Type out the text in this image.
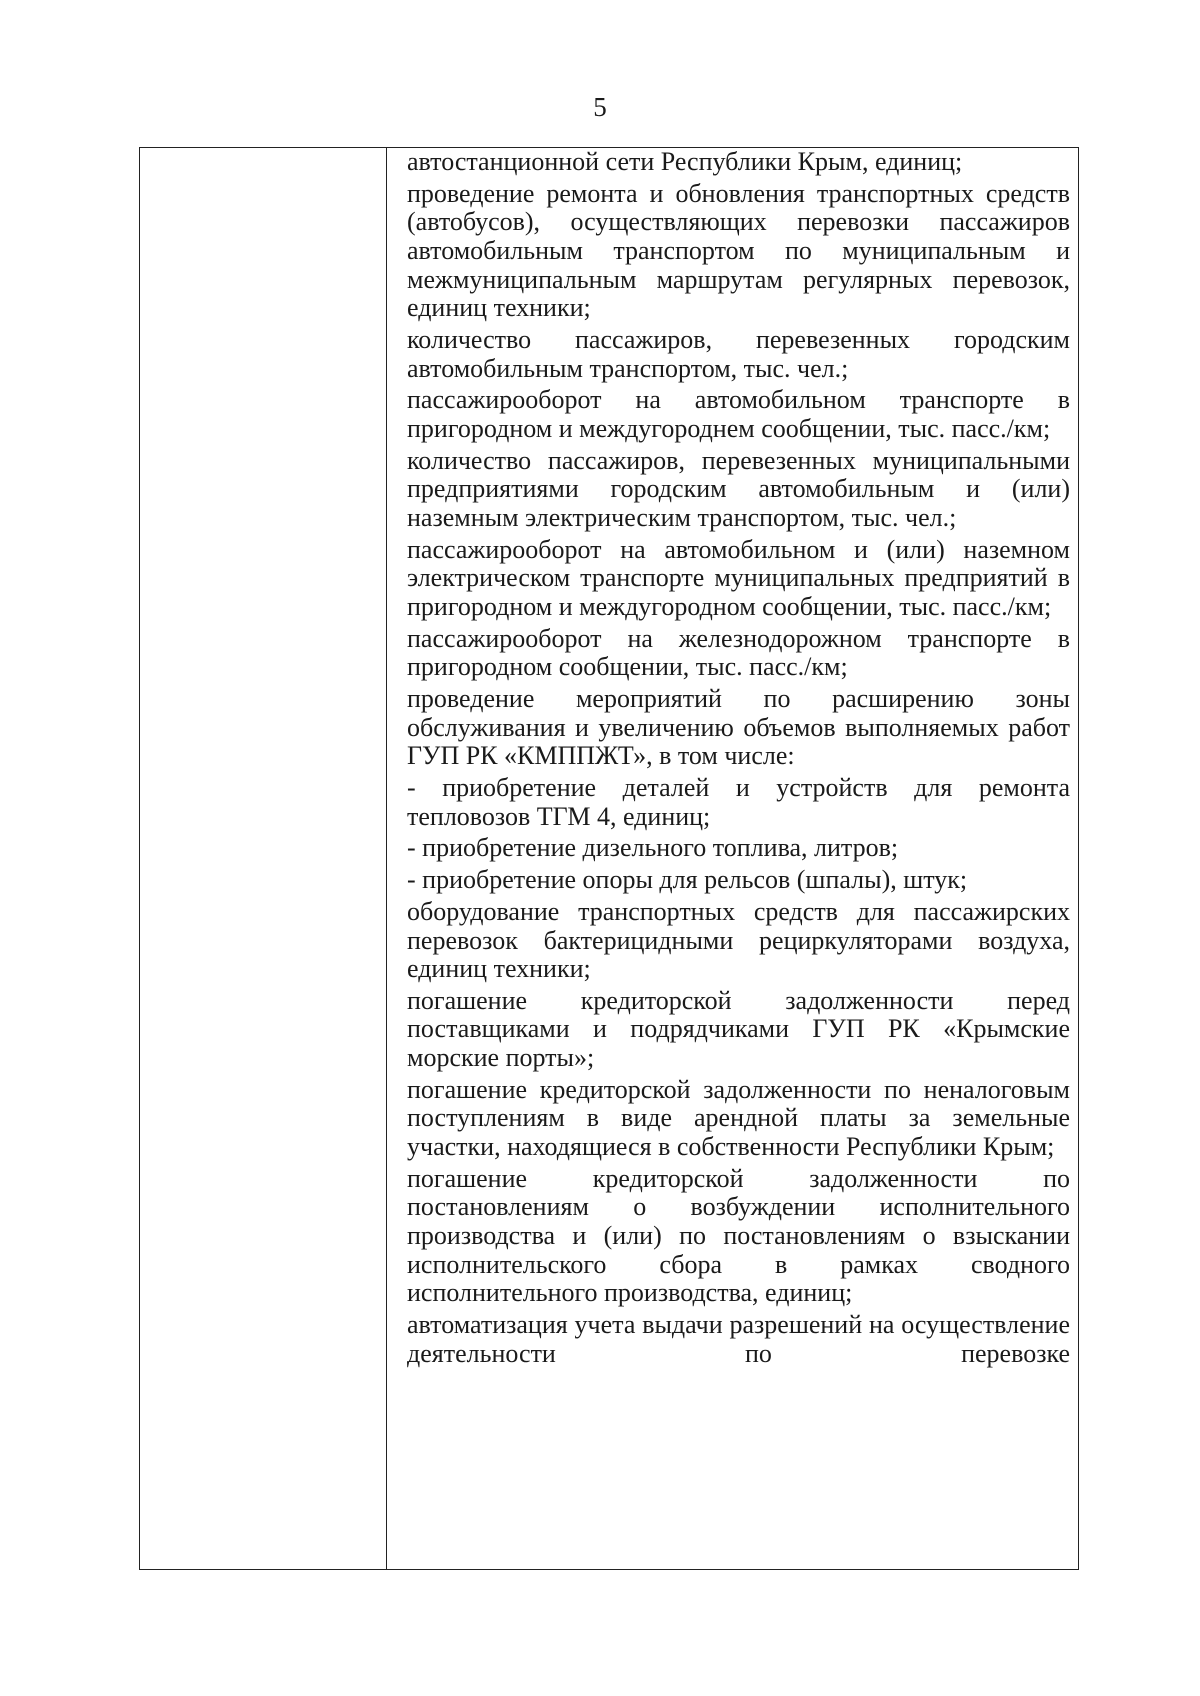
5

автостанционной сети Республики Крым, единиц;

проведение ремонта и обновления транспортных средств (автобусов), осуществляющих перевозки пассажиров автомобильным транспортом по муниципальным и межмуниципальным маршрутам регулярных перевозок, единиц техники;

количество пассажиров, перевезенных городским автомобильным транспортом, тыс. чел.;

пассажирооборот на автомобильном транспорте в пригородном и междугороднем сообщении, тыс. пасс./км;

количество пассажиров, перевезенных муниципальными предприятиями городским автомобильным и (или) наземным электрическим транспортом, тыс. чел.;

пассажирооборот на автомобильном и (или) наземном электрическом транспорте муниципальных предприятий в пригородном и междугородном сообщении, тыс. пасс./км;

пассажирооборот на железнодорожном транспорте в пригородном сообщении, тыс. пасс./км;

проведение мероприятий по расширению зоны обслуживания и увеличению объемов выполняемых работ ГУП РК «КМППЖТ», в том числе:

- приобретение деталей и устройств для ремонта тепловозов ТГМ 4, единиц;

- приобретение дизельного топлива, литров;

- приобретение опоры для рельсов (шпалы), штук;

оборудование транспортных средств для пассажирских перевозок бактерицидными рециркуляторами воздуха, единиц техники;

погашение кредиторской задолженности перед поставщиками и подрядчиками ГУП РК «Крымские морские порты»;

погашение кредиторской задолженности по неналоговым поступлениям в виде арендной платы за земельные участки, находящиеся в собственности Республики Крым;

погашение кредиторской задолженности по постановлениям о возбуждении исполнительного производства и (или) по постановлениям о взыскании исполнительского сбора в рамках сводного исполнительного производства, единиц;

автоматизация учета выдачи разрешений на осуществление деятельности по перевозке
